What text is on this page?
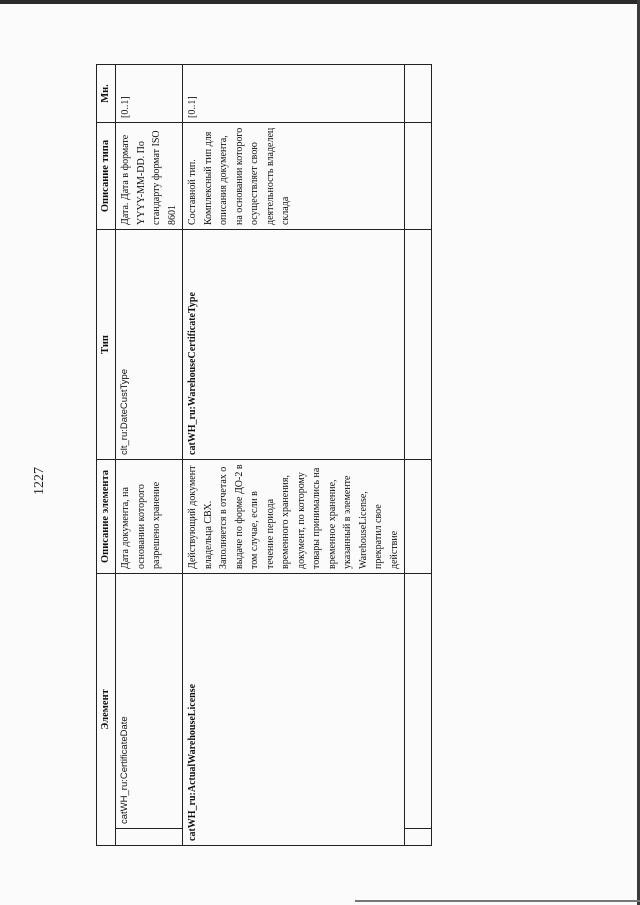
1227
Элемент	Описание элемента	Тип	Описание типа	Мн.

catWH_ru:CertificateDate	Дата документа, на основании которого разрешено хранение	clt_ru:DateCustType	Дата. Дата в формате YYYY-MM-DD. По стандарту формат ISO 8601	[0..1]
catWH_ru:ActualWarehouseLicense	Действующий документ владельца СВХ. Заполняется в отчетах о выдаче по форме ДО-2 в том случае, если в течение периода временного хранения, документ, по которому товары принимались на временное хранение, указанный в элементе WarehouseLicense, прекратил свое действие	catWH_ru:WarehouseCertificateType	Составной тип. Комплексный тип для описания документа, на основании которого осуществляет свою деятельность владелец склада	[0..1]
